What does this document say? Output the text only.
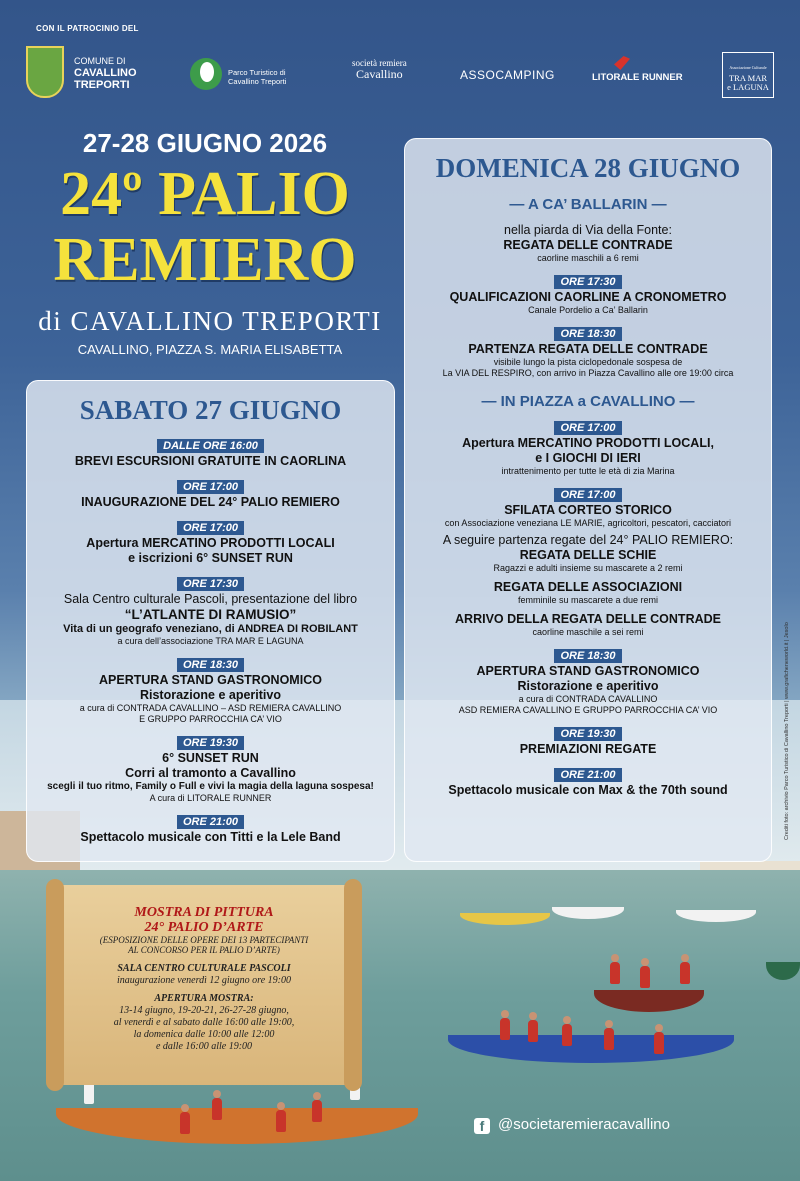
CON IL PATROCINIO DEL
COMUNE DI
CAVALLINO
TREPORTI
Parco Turistico di
Cavallino Treporti
società remiera
Cavallino	ASSOCAMPING	LITORALE RUNNER
Associazione Culturale
TRA MAR
e LAGUNA
27-28 GIUGNO 2026
24º PALIO
REMIERO
di CAVALLINO TREPORTI
CAVALLINO, PIAZZA S. MARIA ELISABETTA
SABATO 27 GIUGNO
DALLE ORE 16:00
BREVI ESCURSIONI GRATUITE IN CAORLINA
ORE 17:00
INAUGURAZIONE DEL 24° PALIO REMIERO
ORE 17:00
Apertura MERCATINO PRODOTTI LOCALI
e iscrizioni 6° SUNSET RUN
ORE 17:30
Sala Centro culturale Pascoli, presentazione del libro
“L’ATLANTE DI RAMUSIO”
Vita di un geografo veneziano, di ANDREA DI ROBILANT
a cura dell’associazione TRA MAR E LAGUNA
ORE 18:30
APERTURA STAND GASTRONOMICO
Ristorazione e aperitivo
a cura di CONTRADA CAVALLINO – ASD REMIERA CAVALLINO
E GRUPPO PARROCCHIA CA’ VIO
ORE 19:30
6° SUNSET RUN
Corri al tramonto a Cavallino
scegli il tuo ritmo, Family o Full e vivi la magia della laguna sospesa!
A cura di LITORALE RUNNER
ORE 21:00
Spettacolo musicale con Titti e la Lele Band
DOMENICA 28 GIUGNO
— A CA’ BALLARIN —
nella piarda di Via della Fonte:
REGATA DELLE CONTRADE
caorline maschili a 6 remi
ORE 17:30
QUALIFICAZIONI CAORLINE A CRONOMETRO
Canale Pordelio a Ca’ Ballarin
ORE 18:30
PARTENZA REGATA DELLE CONTRADE
visibile lungo la pista ciclopedonale sospesa de
La VIA DEL RESPIRO, con arrivo in Piazza Cavallino alle ore 19:00 circa
— IN PIAZZA a CAVALLINO —
ORE 17:00
Apertura MERCATINO PRODOTTI LOCALI,
e I GIOCHI DI IERI
intrattenimento per tutte le età di zia Marina
ORE 17:00
SFILATA CORTEO STORICO
con Associazione veneziana LE MARIE, agricoltori, pescatori, cacciatori
A seguire partenza regate del 24° PALIO REMIERO:
REGATA DELLE SCHIE
Ragazzi e adulti insieme su mascarete a 2 remi
REGATA DELLE ASSOCIAZIONI
femminile su mascarete a due remi
ARRIVO DELLA REGATA DELLE CONTRADE
caorline maschile a sei remi
ORE 18:30
APERTURA STAND GASTRONOMICO
Ristorazione e aperitivo
a cura di CONTRADA CAVALLINO
ASD REMIERA CAVALLINO E GRUPPO PARROCCHIA CA’ VIO
ORE 19:30
PREMIAZIONI REGATE
ORE 21:00
Spettacolo musicale con Max & the 70th sound
MOSTRA DI PITTURA
24° PALIO D’ARTE
(ESPOSIZIONE DELLE OPERE DEI 13 PARTECIPANTI
AL CONCORSO PER IL PALIO D’ARTE)
SALA CENTRO CULTURALE PASCOLI
inaugurazione venerdì 12 giugno ore 19:00
APERTURA MOSTRA:
13-14 giugno, 19-20-21, 26-27-28 giugno,
al venerdì e al sabato dalle 16:00 alle 19:00,
la domenica dalle 10:00 alle 12:00
e dalle 16:00 alle 19:00
f @societaremieracavallino
Crediti foto: archivio Parco Turistico di Cavallino Treporti | www.graficheneworld.it | Jesolo
